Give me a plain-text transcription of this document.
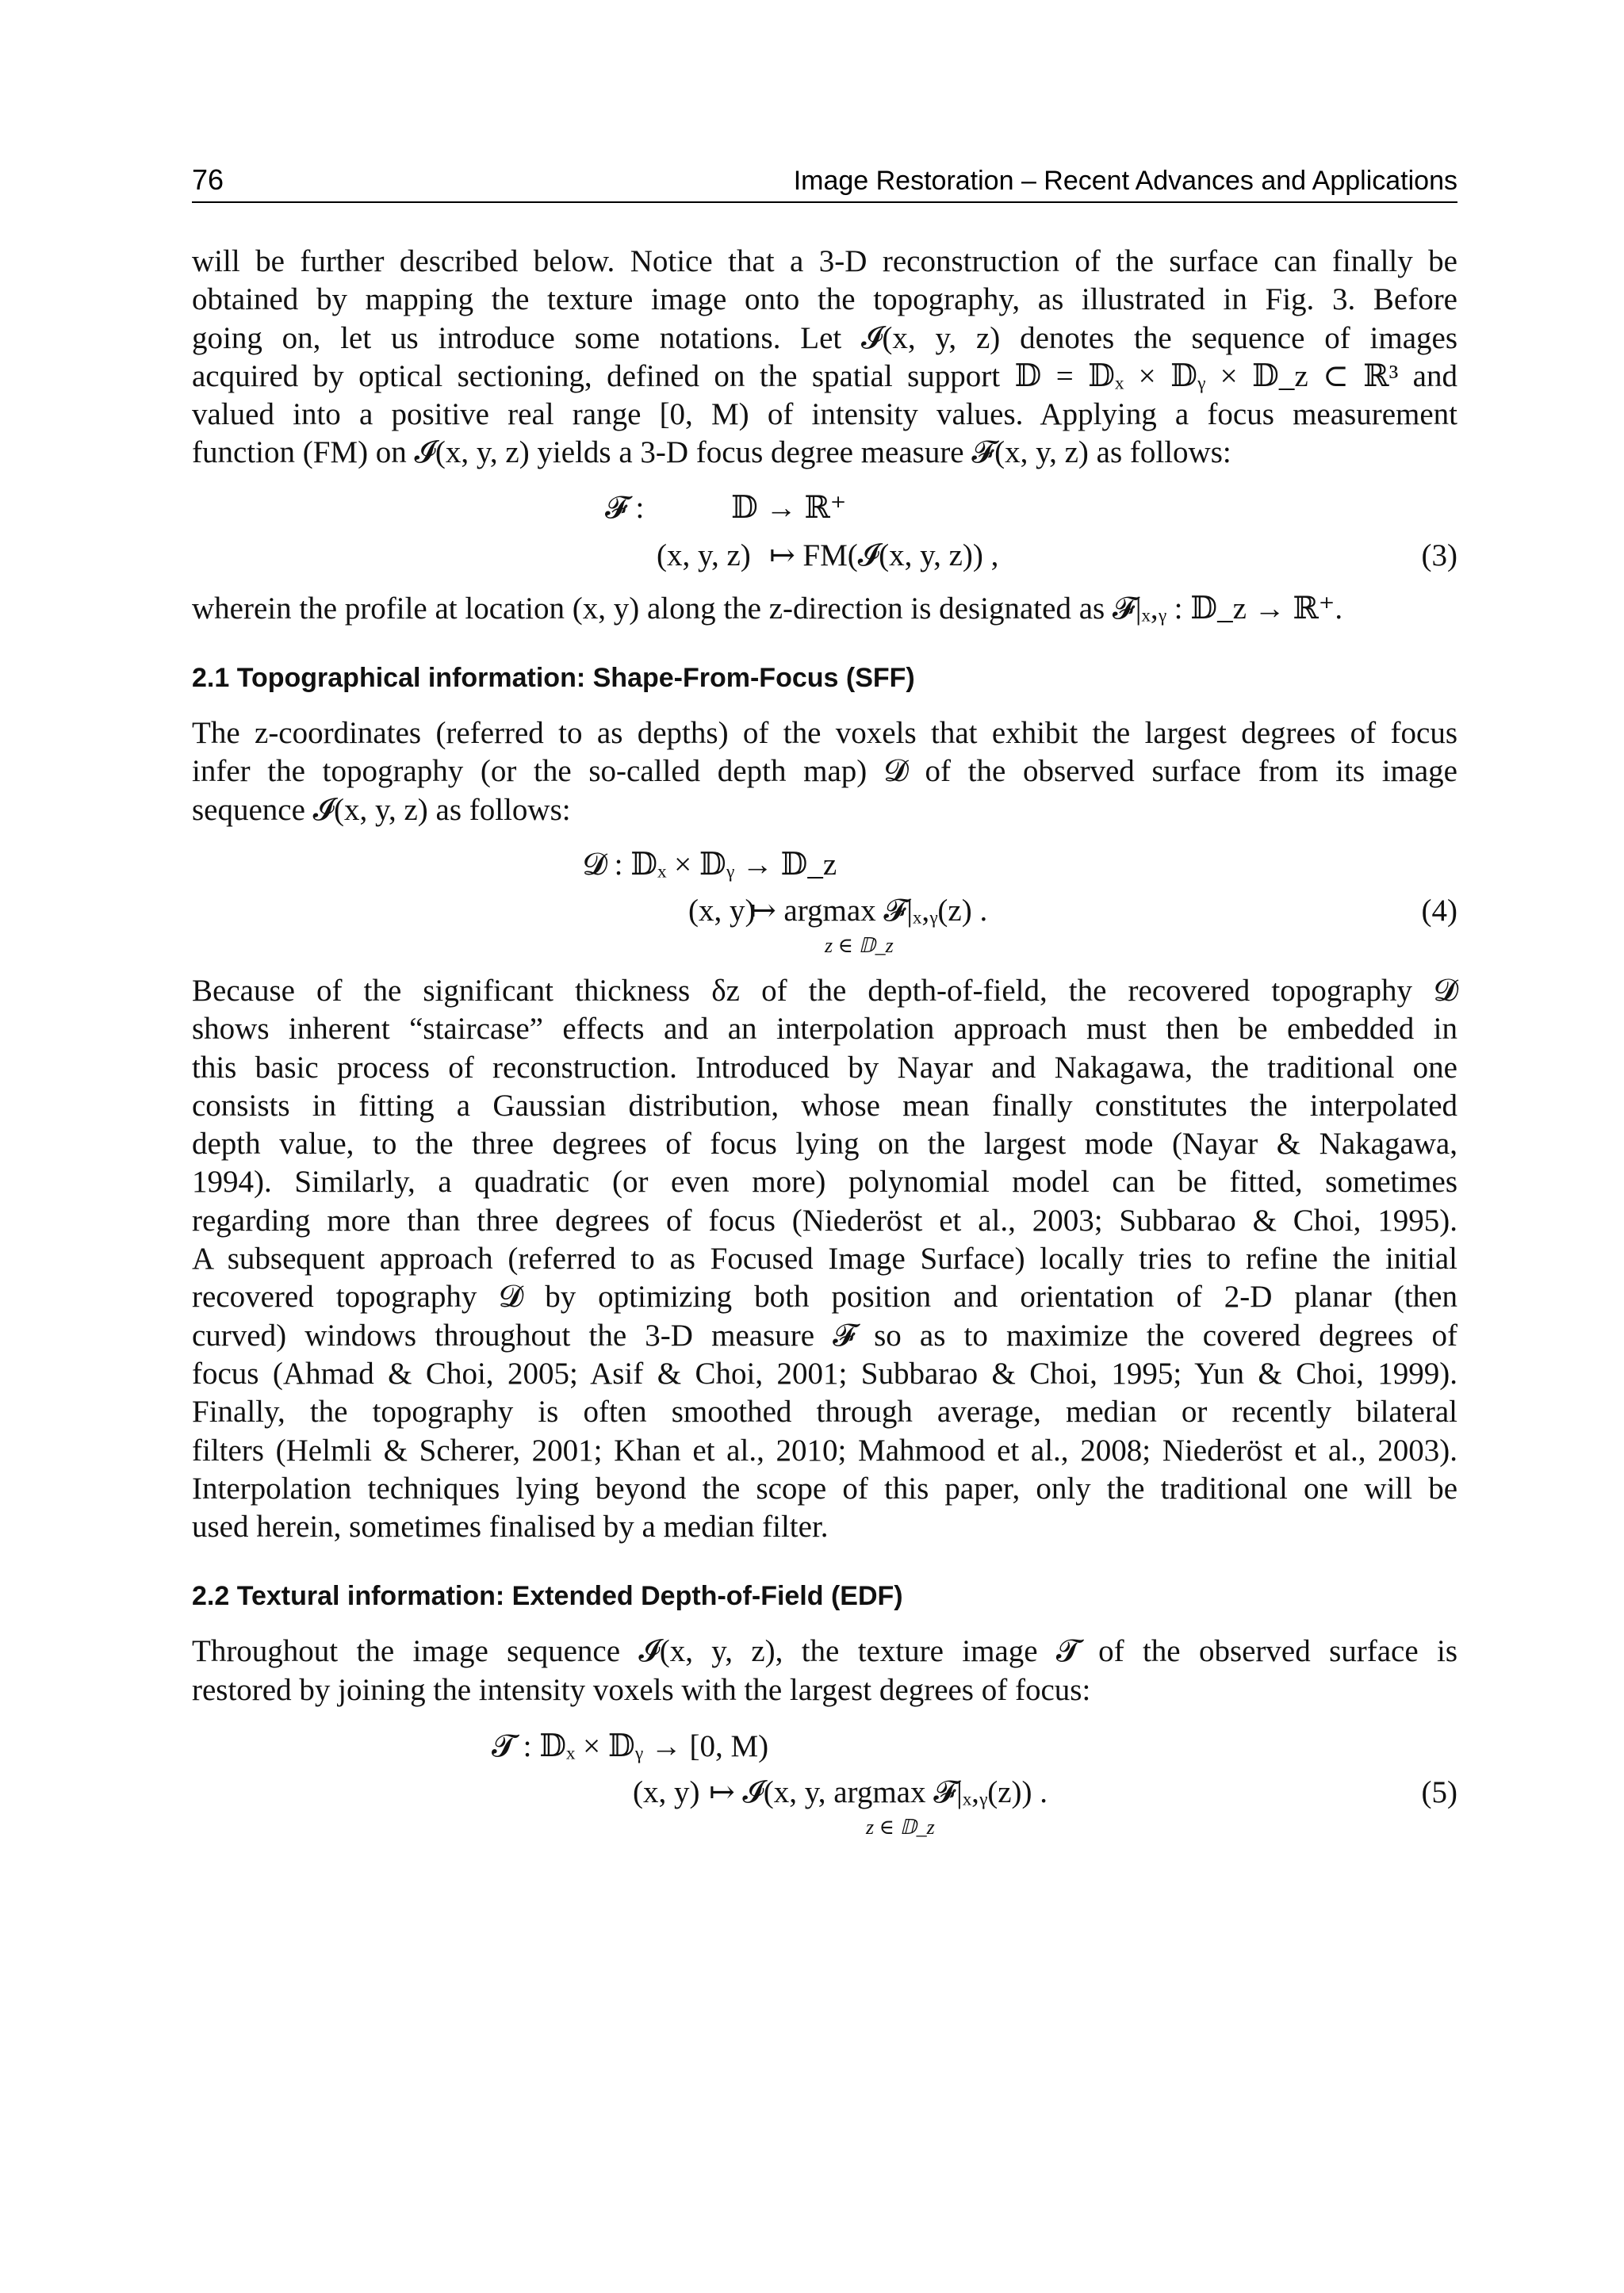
76	Image Restoration – Recent Advances and Applications

will be further described below. Notice that a 3-D reconstruction of the surface can finally be
obtained by mapping the texture image onto the topography, as illustrated in Fig. 3. Before
going on, let us introduce some notations. Let 𝓘(x, y, z) denotes the sequence of images
acquired by optical sectioning, defined on the spatial support 𝔻 = 𝔻ₓ × 𝔻ᵧ × 𝔻_z ⊂ ℝ³ and
valued into a positive real range [0, M) of intensity values. Applying a focus measurement
function (FM) on 𝓘(x, y, z) yields a 3-D focus degree measure 𝓕(x, y, z) as follows:

𝓕 :	𝔻 → ℝ⁺
(x, y, z) ↦ FM(𝓘(x, y, z)) ,	(3)

wherein the profile at location (x, y) along the z-direction is designated as 𝓕|ₓ,ᵧ : 𝔻_z → ℝ⁺.

2.1 Topographical information: Shape-From-Focus (SFF)

The z-coordinates (referred to as depths) of the voxels that exhibit the largest degrees of focus
infer the topography (or the so-called depth map) 𝓓 of the observed surface from its image
sequence 𝓘(x, y, z) as follows:

𝓓 : 𝔻ₓ × 𝔻ᵧ → 𝔻_z
(x, y)
↦ argmax 𝓕|ₓ,ᵧ(z) .
z ∈ 𝔻_z
(4)

Because of the significant thickness δz of the depth-of-field, the recovered topography 𝓓
shows inherent “staircase” effects and an interpolation approach must then be embedded in
this basic process of reconstruction. Introduced by Nayar and Nakagawa, the traditional one
consists in fitting a Gaussian distribution, whose mean finally constitutes the interpolated
depth value, to the three degrees of focus lying on the largest mode (Nayar & Nakagawa,
1994). Similarly, a quadratic (or even more) polynomial model can be fitted, sometimes
regarding more than three degrees of focus (Niederöst et al., 2003; Subbarao & Choi, 1995).
A subsequent approach (referred to as Focused Image Surface) locally tries to refine the initial
recovered topography 𝓓 by optimizing both position and orientation of 2-D planar (then
curved) windows throughout the 3-D measure 𝓕 so as to maximize the covered degrees of
focus (Ahmad & Choi, 2005; Asif & Choi, 2001; Subbarao & Choi, 1995; Yun & Choi, 1999).
Finally, the topography is often smoothed through average, median or recently bilateral
filters (Helmli & Scherer, 2001; Khan et al., 2010; Mahmood et al., 2008; Niederöst et al., 2003).
Interpolation techniques lying beyond the scope of this paper, only the traditional one will be
used herein, sometimes finalised by a median filter.

2.2 Textural information: Extended Depth-of-Field (EDF)

Throughout the image sequence 𝓘(x, y, z), the texture image 𝓣 of the observed surface is
restored by joining the intensity voxels with the largest degrees of focus:

𝓣 : 𝔻ₓ × 𝔻ᵧ → [0, M)
(x, y) ↦ 𝓘(x, y, argmax 𝓕|ₓ,ᵧ(z)) .
z ∈ 𝔻_z
(5)
